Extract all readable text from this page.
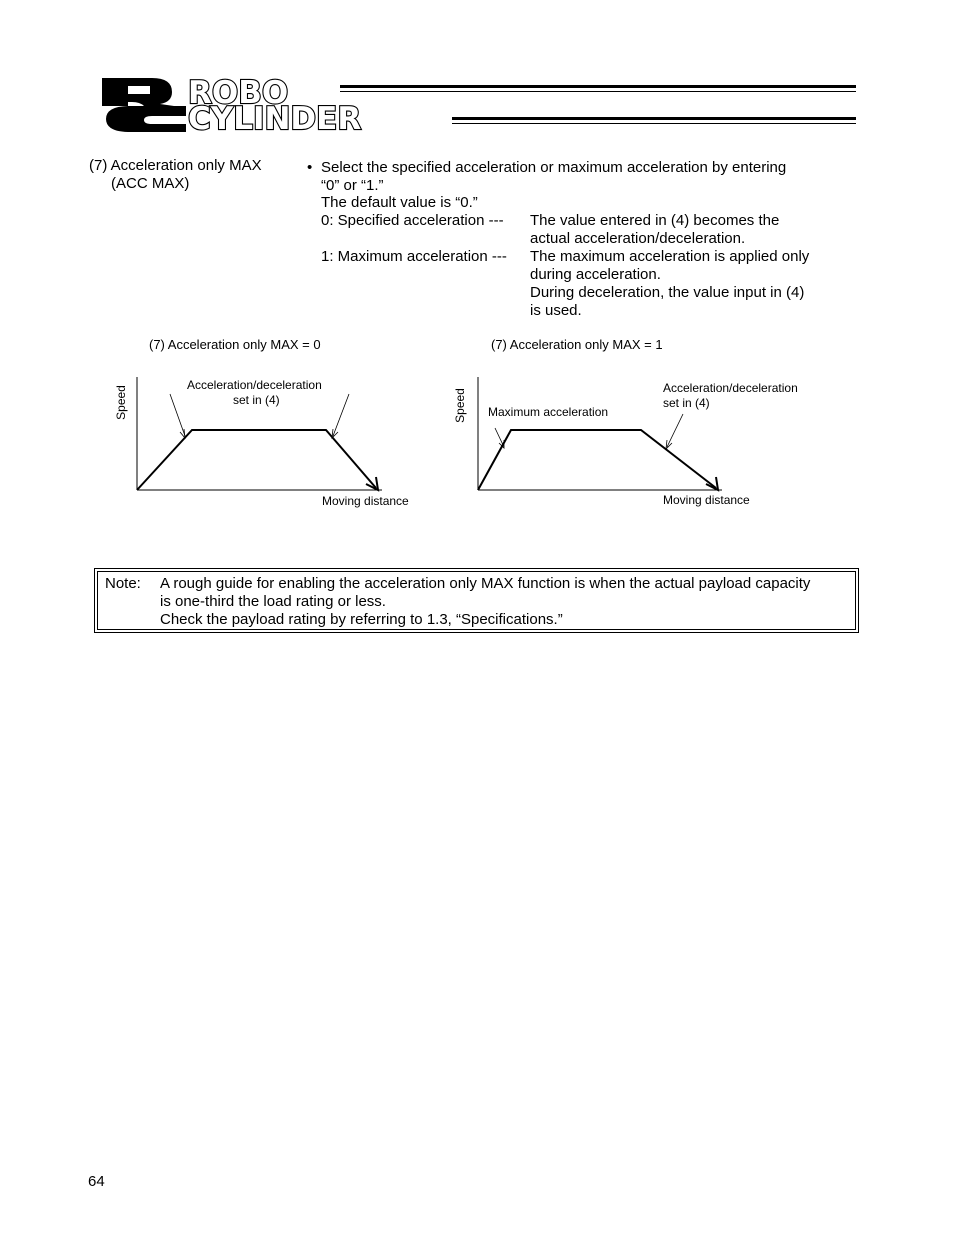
ROBO
CYLINDER
(7) Acceleration only MAX
(ACC MAX)
• Select the specified acceleration or maximum acceleration by entering
“0” or “1.”
The default value is “0.”
0: Specified acceleration --- The value entered in (4) becomes the
actual acceleration/deceleration.
1: Maximum acceleration --- The maximum acceleration is applied only
during acceleration.
During deceleration, the value input in (4)
is used.
(7) Acceleration only MAX = 0
Acceleration/deceleration
set in (4)
Speed
Moving distance
(7) Acceleration only MAX = 1
Maximum acceleration
Acceleration/deceleration
set in (4)
Speed
Moving distance
Note: A rough guide for enabling the acceleration only MAX function is when the actual payload capacity
is one-third the load rating or less.
Check the payload rating by referring to 1.3, “Specifications.”
64
